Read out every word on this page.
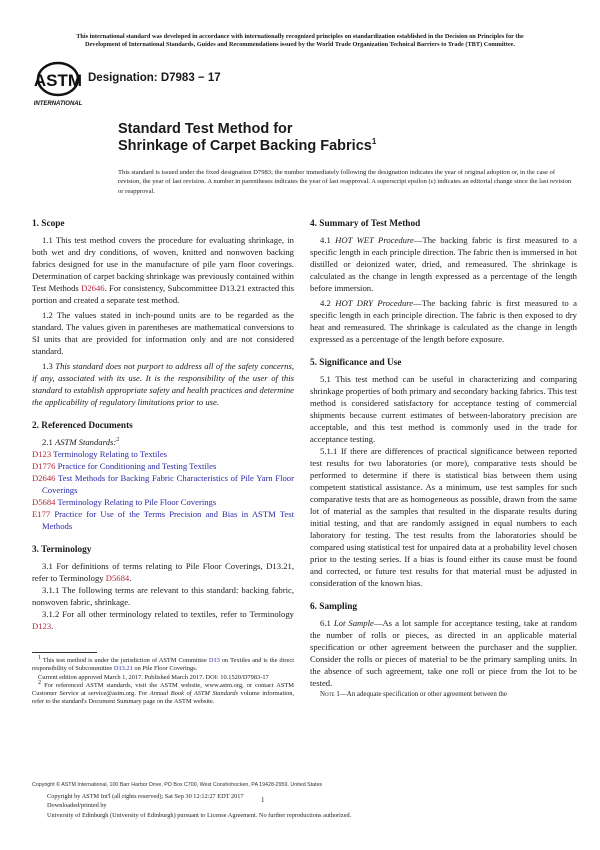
This international standard was developed in accordance with internationally recognized principles on standardization established in the Decision on Principles for the
Development of International Standards, Guides and Recommendations issued by the World Trade Organization Technical Barriers to Trade (TBT) Committee.
ASTM
INTERNATIONAL
Designation: D7983 − 17
Standard Test Method for
Shrinkage of Carpet Backing Fabrics$^1$
This standard is issued under the fixed designation D7983; the number immediately following the designation indicates the year of original adoption or, in the case of revision, the year of last revision. A number in parentheses indicates the year of last reapproval. A superscript epsilon (ε) indicates an editorial change since the last revision or reapproval.
1. Scope

1.1 This test method covers the procedure for evaluating shrinkage, in both wet and dry conditions, of woven, knitted and nonwoven backing fabrics designed for use in the manufacture of pile yarn floor coverings. Determination of carpet backing shrinkage was previously contained within Test Methods D2646. For consistency, Subcommittee D13.21 extracted this portion and created a separate test method.

1.2 The values stated in inch-pound units are to be regarded as the standard. The values given in parentheses are mathematical conversions to SI units that are provided for information only and are not considered standard.

1.3 This standard does not purport to address all of the safety concerns, if any, associated with its use. It is the responsibility of the user of this standard to establish appropriate safety and health practices and determine the applicability of regulatory limitations prior to use.

2. Referenced Documents

2.1 ASTM Standards:$^2$

D123 Terminology Relating to Textiles
D1776 Practice for Conditioning and Testing Textiles
D2646 Test Methods for Backing Fabric Characteristics of Pile Yarn Floor Coverings
D5684 Terminology Relating to Pile Floor Coverings
E177 Practice for Use of the Terms Precision and Bias in ASTM Test Methods
3. Terminology

3.1 For definitions of terms relating to Pile Floor Coverings, D13.21, refer to Terminology D5684.

3.1.1 The following terms are relevant to this standard: backing fabric, nonwoven fabric, shrinkage.

3.1.2 For all other terminology related to textiles, refer to Terminology D123.

$^1$ This test method is under the jurisdiction of ASTM Committee D13 on Textiles and is the direct responsibility of Subcommittee D13.21 on Pile Floor Coverings.

Current edition approved March 1, 2017. Published March 2017. DOI: 10.1520/D7983-17

$^2$ For referenced ASTM standards, visit the ASTM website, www.astm.org, or contact ASTM Customer Service at service@astm.org. For Annual Book of ASTM Standards volume information, refer to the standard's Document Summary page on the ASTM website.

4. Summary of Test Method

4.1 HOT WET Procedure—The backing fabric is first measured to a specific length in each principle direction. The fabric then is immersed in hot distilled or deionized water, dried, and remeasured. The shrinkage is calculated as the change in length expressed as a percentage of the length before immersion.

4.2 HOT DRY Procedure—The backing fabric is first measured to a specific length in each principle direction. The fabric is then exposed to dry heat and remeasured. The shrinkage is calculated as the change in length expressed as a percentage of the length before exposure.

5. Significance and Use

5.1 This test method can be useful in characterizing and comparing shrinkage properties of both primary and secondary backing fabrics. This test method is considered satisfactory for acceptance testing of commercial shipments because current estimates of between-laboratory precision are acceptable, and this test method is commonly used in the trade for acceptance testing.

5.1.1 If there are differences of practical significance between reported test results for two laboratories (or more), comparative tests should be performed to determine if there is statistical bias between them using competent statistical assistance. As a minimum, use test samples for such comparative tests that are as homogeneous as possible, drawn from the same lot of material as the samples that resulted in the disparate results during initial testing, and that are randomly assigned in equal numbers to each laboratory for testing. The test results from the laboratories should be compared using statistical test for unpaired data at a probability level chosen prior to the testing series. If a bias is found either its cause must be found and corrected, or future test results for that material must be adjusted in consideration of the known bias.

6. Sampling

6.1 Lot Sample—As a lot sample for acceptance testing, take at random the number of rolls or pieces, as directed in an applicable material specification or other agreement between the purchaser and the supplier. Consider the rolls or pieces of material to be the primary sampling units. In the absence of such agreement, take one roll or piece from the lot to be tested.

Note 1—An adequate specification or other agreement between the

Copyright © ASTM International, 100 Barr Harbor Drive, PO Box C700, West Conshohocken, PA 19428-2959. United States
Copyright by ASTM Int'l (all rights reserved); Sat Sep 30 12:12:27 EDT 2017
Downloaded/printed by
University of Edinburgh (University of Edinburgh) pursuant to License Agreement. No further reproductions authorized.
1
